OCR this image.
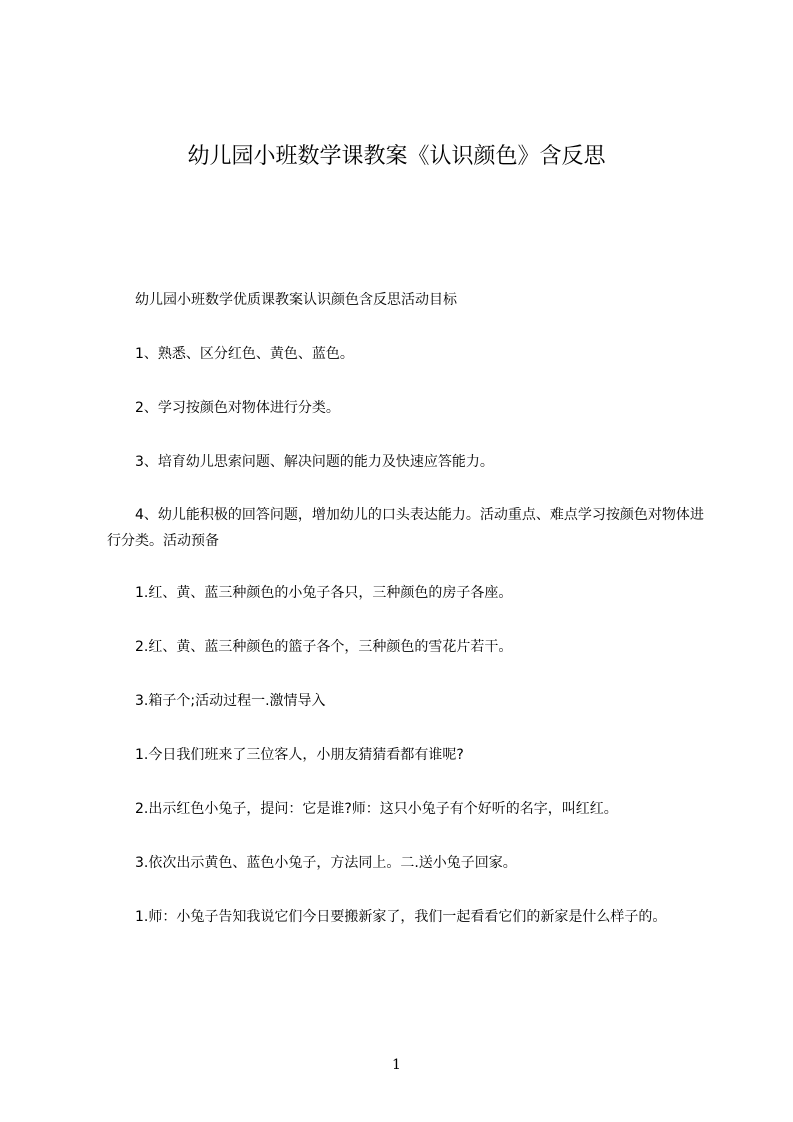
幼儿园小班数学课教案《认识颜色》含反思

　　幼儿园小班数学优质课教案认识颜色含反思活动目标

　　1、熟悉、区分红色、黄色、蓝色。

　　2、学习按颜色对物体进行分类。

　　3、培育幼儿思索问题、解决问题的能力及快速应答能力。

　　4、幼儿能积极的回答问题，增加幼儿的口头表达能力。活动重点、难点学习按颜色对物体进行分类。活动预备

　　1.红、黄、蓝三种颜色的小兔子各只，三种颜色的房子各座。

　　2.红、黄、蓝三种颜色的篮子各个，三种颜色的雪花片若干。

　　3.箱子个;活动过程一.激情导入

　　1.今日我们班来了三位客人，小朋友猜猜看都有谁呢?

　　2.出示红色小兔子，提问：它是谁?师：这只小兔子有个好听的名字，叫红红。

　　3.依次出示黄色、蓝色小兔子，方法同上。二.送小兔子回家。

　　1.师：小兔子告知我说它们今日要搬新家了，我们一起看看它们的新家是什么样子的。

1
